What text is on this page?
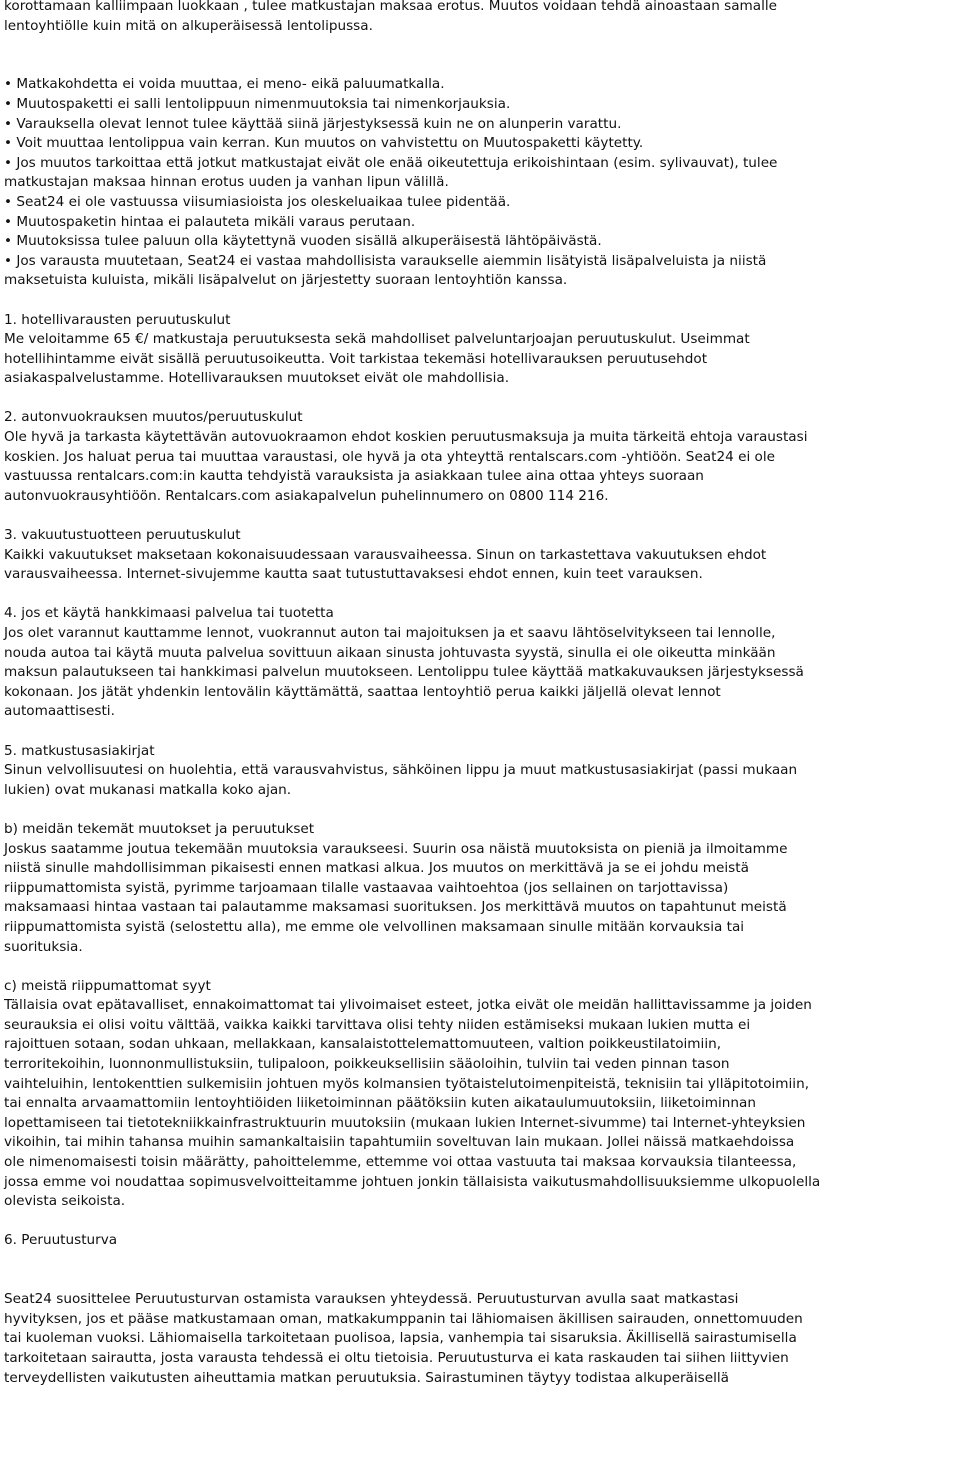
korottamaan kalliimpaan luokkaan , tulee matkustajan maksaa erotus. Muutos voidaan tehdä ainoastaan samalle
lentoyhtiölle kuin mitä on alkuperäisessä lentolipussa.
• Matkakohdetta ei voida muuttaa, ei meno- eikä paluumatkalla.
• Muutospaketti ei salli lentolippuun nimenmuutoksia tai nimenkorjauksia.
• Varauksella olevat lennot tulee käyttää siinä järjestyksessä kuin ne on alunperin varattu.
• Voit muuttaa lentolippua vain kerran. Kun muutos on vahvistettu on Muutospaketti käytetty.
• Jos muutos tarkoittaa että jotkut matkustajat eivät ole enää oikeutettuja erikoishintaan (esim. sylivauvat), tulee
matkustajan maksaa hinnan erotus uuden ja vanhan lipun välillä.
• Seat24 ei ole vastuussa viisumiasioista jos oleskeluaikaa tulee pidentää.
• Muutospaketin hintaa ei palauteta mikäli varaus perutaan.
• Muutoksissa tulee paluun olla käytettynä vuoden sisällä alkuperäisestä lähtöpäivästä.
• Jos varausta muutetaan, Seat24 ei vastaa mahdollisista varaukselle aiemmin lisätyistä lisäpalveluista ja niistä
maksetuista kuluista, mikäli lisäpalvelut on järjestetty suoraan lentoyhtiön kanssa.
1. hotellivarausten peruutuskulut
Me veloitamme 65 €/ matkustaja peruutuksesta sekä mahdolliset palveluntarjoajan peruutuskulut. Useimmat
hotellihintamme eivät sisällä peruutusoikeutta. Voit tarkistaa tekemäsi hotellivarauksen peruutusehdot
asiakaspalvelustamme. Hotellivarauksen muutokset eivät ole mahdollisia.
2. autonvuokrauksen muutos/peruutuskulut
Ole hyvä ja tarkasta käytettävän autovuokraamon ehdot koskien peruutusmaksuja ja muita tärkeitä ehtoja varaustasi
koskien. Jos haluat perua tai muuttaa varaustasi, ole hyvä ja ota yhteyttä rentalscars.com -yhtiöön. Seat24 ei ole
vastuussa rentalcars.com:in kautta tehdyistä varauksista ja asiakkaan tulee aina ottaa yhteys suoraan
autonvuokrausyhtiöön. Rentalcars.com asiakapalvelun puhelinnumero on 0800 114 216.
3. vakuutustuotteen peruutuskulut
Kaikki vakuutukset maksetaan kokonaisuudessaan varausvaiheessa. Sinun on tarkastettava vakuutuksen ehdot
varausvaiheessa. Internet-sivujemme kautta saat tutustuttavaksesi ehdot ennen, kuin teet varauksen.
4. jos et käytä hankkimaasi palvelua tai tuotetta
Jos olet varannut kauttamme lennot, vuokrannut auton tai majoituksen ja et saavu lähtöselvitykseen tai lennolle,
nouda autoa tai käytä muuta palvelua sovittuun aikaan sinusta johtuvasta syystä, sinulla ei ole oikeutta minkään
maksun palautukseen tai hankkimasi palvelun muutokseen. Lentolippu tulee käyttää matkakuvauksen järjestyksessä
kokonaan. Jos jätät yhdenkin lentovälin käyttämättä, saattaa lentoyhtiö perua kaikki jäljellä olevat lennot
automaattisesti.
5. matkustusasiakirjat
Sinun velvollisuutesi on huolehtia, että varausvahvistus, sähköinen lippu ja muut matkustusasiakirjat (passi mukaan
lukien) ovat mukanasi matkalla koko ajan.
b) meidän tekemät muutokset ja peruutukset
Joskus saatamme joutua tekemään muutoksia varaukseesi. Suurin osa näistä muutoksista on pieniä ja ilmoitamme
niistä sinulle mahdollisimman pikaisesti ennen matkasi alkua. Jos muutos on merkittävä ja se ei johdu meistä
riippumattomista syistä, pyrimme tarjoamaan tilalle vastaavaa vaihtoehtoa (jos sellainen on tarjottavissa)
maksamaasi hintaa vastaan tai palautamme maksamasi suorituksen. Jos merkittävä muutos on tapahtunut meistä
riippumattomista syistä (selostettu alla), me emme ole velvollinen maksamaan sinulle mitään korvauksia tai
suorituksia.
c) meistä riippumattomat syyt
Tällaisia ovat epätavalliset, ennakoimattomat tai ylivoimaiset esteet, jotka eivät ole meidän hallittavissamme ja joiden
seurauksia ei olisi voitu välttää, vaikka kaikki tarvittava olisi tehty niiden estämiseksi mukaan lukien mutta ei
rajoittuen sotaan, sodan uhkaan, mellakkaan, kansalaistottelemattomuuteen, valtion poikkeustilatoimiin,
terroritekoihin, luonnonmullistuksiin, tulipaloon, poikkeuksellisiin sääoloihin, tulviin tai veden pinnan tason
vaihteluihin, lentokenttien sulkemisiin johtuen myös kolmansien työtaistelutoimenpiteistä, teknisiin tai ylläpitotoimiin,
tai ennalta arvaamattomiin lentoyhtiöiden liiketoiminnan päätöksiin kuten aikataulumuutoksiin, liiketoiminnan
lopettamiseen tai tietotekniikkainfrastruktuurin muutoksiin (mukaan lukien Internet-sivumme) tai Internet-yhteyksien
vikoihin, tai mihin tahansa muihin samankaltaisiin tapahtumiin soveltuvan lain mukaan. Jollei näissä matkaehdoissa
ole nimenomaisesti toisin määrätty, pahoittelemme, ettemme voi ottaa vastuuta tai maksaa korvauksia tilanteessa,
jossa emme voi noudattaa sopimusvelvoitteitamme johtuen jonkin tällaisista vaikutusmahdollisuuksiemme ulkopuolella
olevista seikoista.
6. Peruutusturva
Seat24 suosittelee Peruutusturvan ostamista varauksen yhteydessä. Peruutusturvan avulla saat matkastasi
hyvityksen, jos et pääse matkustamaan oman, matkakumppanin tai lähiomaisen äkillisen sairauden, onnettomuuden
tai kuoleman vuoksi. Lähiomaisella tarkoitetaan puolisoa, lapsia, vanhempia tai sisaruksia. Äkillisellä sairastumisella
tarkoitetaan sairautta, josta varausta tehdessä ei oltu tietoisia. Peruutusturva ei kata raskauden tai siihen liittyvien
terveydellisten vaikutusten aiheuttamia matkan peruutuksia. Sairastuminen täytyy todistaa alkuperäisellä
